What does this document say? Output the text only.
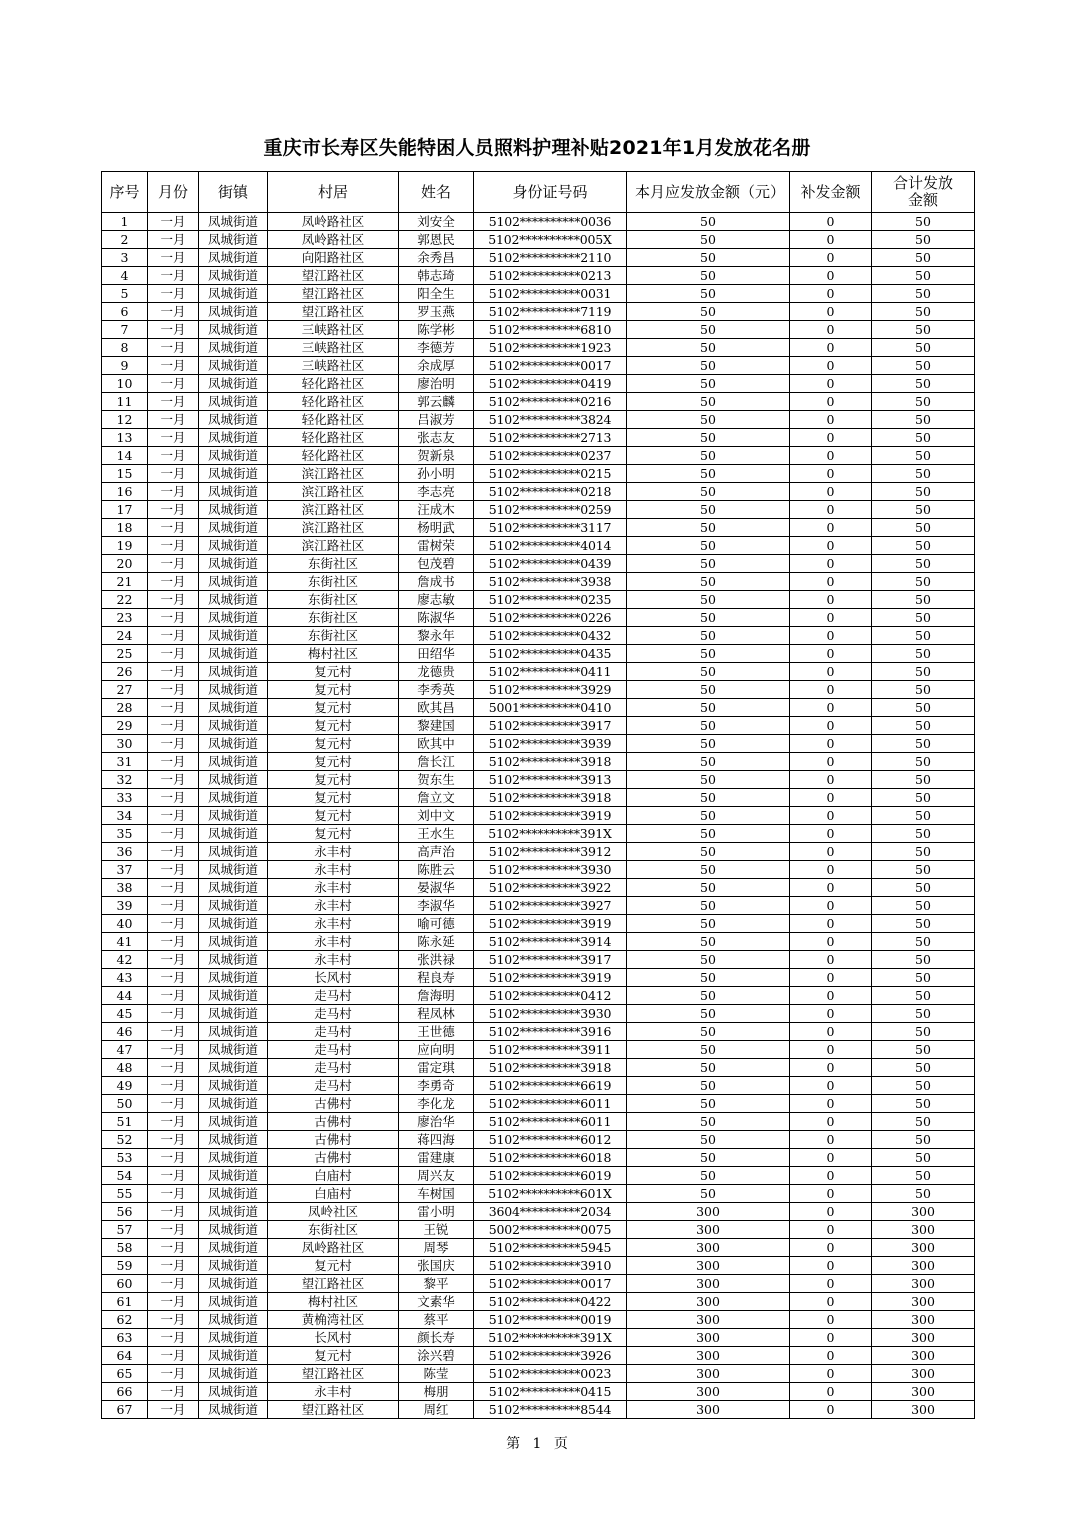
重庆市长寿区失能特困人员照料护理补贴2021年1月发放花名册
序号	月份	街镇	村居	姓名	身份证号码	本月应发放金额（元）	补发金额	合计发放金额
1	一月	凤城街道	凤岭路社区	刘安全	5102**********0036	50	0	50
2	一月	凤城街道	凤岭路社区	郭恩民	5102**********005X	50	0	50
3	一月	凤城街道	向阳路社区	余秀昌	5102**********2110	50	0	50
4	一月	凤城街道	望江路社区	韩志琦	5102**********0213	50	0	50
5	一月	凤城街道	望江路社区	阳全生	5102**********0031	50	0	50
6	一月	凤城街道	望江路社区	罗玉燕	5102**********7119	50	0	50
7	一月	凤城街道	三峡路社区	陈学彬	5102**********6810	50	0	50
8	一月	凤城街道	三峡路社区	李德芳	5102**********1923	50	0	50
9	一月	凤城街道	三峡路社区	余成厚	5102**********0017	50	0	50
10	一月	凤城街道	轻化路社区	廖治明	5102**********0419	50	0	50
11	一月	凤城街道	轻化路社区	郭云麟	5102**********0216	50	0	50
12	一月	凤城街道	轻化路社区	吕淑芳	5102**********3824	50	0	50
13	一月	凤城街道	轻化路社区	张志友	5102**********2713	50	0	50
14	一月	凤城街道	轻化路社区	贺新泉	5102**********0237	50	0	50
15	一月	凤城街道	滨江路社区	孙小明	5102**********0215	50	0	50
16	一月	凤城街道	滨江路社区	李志亮	5102**********0218	50	0	50
17	一月	凤城街道	滨江路社区	汪成木	5102**********0259	50	0	50
18	一月	凤城街道	滨江路社区	杨明武	5102**********3117	50	0	50
19	一月	凤城街道	滨江路社区	雷树荣	5102**********4014	50	0	50
20	一月	凤城街道	东街社区	包茂碧	5102**********0439	50	0	50
21	一月	凤城街道	东街社区	詹成书	5102**********3938	50	0	50
22	一月	凤城街道	东街社区	廖志敏	5102**********0235	50	0	50
23	一月	凤城街道	东街社区	陈淑华	5102**********0226	50	0	50
24	一月	凤城街道	东街社区	黎永年	5102**********0432	50	0	50
25	一月	凤城街道	梅村社区	田绍华	5102**********0435	50	0	50
26	一月	凤城街道	复元村	龙德贵	5102**********0411	50	0	50
27	一月	凤城街道	复元村	李秀英	5102**********3929	50	0	50
28	一月	凤城街道	复元村	欧其昌	5001**********0410	50	0	50
29	一月	凤城街道	复元村	黎建国	5102**********3917	50	0	50
30	一月	凤城街道	复元村	欧其中	5102**********3939	50	0	50
31	一月	凤城街道	复元村	詹长江	5102**********3918	50	0	50
32	一月	凤城街道	复元村	贺东生	5102**********3913	50	0	50
33	一月	凤城街道	复元村	詹立文	5102**********3918	50	0	50
34	一月	凤城街道	复元村	刘中文	5102**********3919	50	0	50
35	一月	凤城街道	复元村	王水生	5102**********391X	50	0	50
36	一月	凤城街道	永丰村	高声治	5102**********3912	50	0	50
37	一月	凤城街道	永丰村	陈胜云	5102**********3930	50	0	50
38	一月	凤城街道	永丰村	晏淑华	5102**********3922	50	0	50
39	一月	凤城街道	永丰村	李淑华	5102**********3927	50	0	50
40	一月	凤城街道	永丰村	喻可德	5102**********3919	50	0	50
41	一月	凤城街道	永丰村	陈永延	5102**********3914	50	0	50
42	一月	凤城街道	永丰村	张洪禄	5102**********3917	50	0	50
43	一月	凤城街道	长风村	程良寿	5102**********3919	50	0	50
44	一月	凤城街道	走马村	詹海明	5102**********0412	50	0	50
45	一月	凤城街道	走马村	程凤林	5102**********3930	50	0	50
46	一月	凤城街道	走马村	王世德	5102**********3916	50	0	50
47	一月	凤城街道	走马村	应向明	5102**********3911	50	0	50
48	一月	凤城街道	走马村	雷定琪	5102**********3918	50	0	50
49	一月	凤城街道	走马村	李勇奇	5102**********6619	50	0	50
50	一月	凤城街道	古佛村	李化龙	5102**********6011	50	0	50
51	一月	凤城街道	古佛村	廖治华	5102**********6011	50	0	50
52	一月	凤城街道	古佛村	蒋四海	5102**********6012	50	0	50
53	一月	凤城街道	古佛村	雷建康	5102**********6018	50	0	50
54	一月	凤城街道	白庙村	周兴友	5102**********6019	50	0	50
55	一月	凤城街道	白庙村	车树国	5102**********601X	50	0	50
56	一月	凤城街道	凤岭社区	雷小明	3604**********2034	300	0	300
57	一月	凤城街道	东街社区	王锐	5002**********0075	300	0	300
58	一月	凤城街道	凤岭路社区	周琴	5102**********5945	300	0	300
59	一月	凤城街道	复元村	张国庆	5102**********3910	300	0	300
60	一月	凤城街道	望江路社区	黎平	5102**********0017	300	0	300
61	一月	凤城街道	梅村社区	文素华	5102**********0422	300	0	300
62	一月	凤城街道	黄桷湾社区	蔡平	5102**********0019	300	0	300
63	一月	凤城街道	长风村	颜长寿	5102**********391X	300	0	300
64	一月	凤城街道	复元村	涂兴碧	5102**********3926	300	0	300
65	一月	凤城街道	望江路社区	陈莹	5102**********0023	300	0	300
66	一月	凤城街道	永丰村	梅朋	5102**********0415	300	0	300
67	一月	凤城街道	望江路社区	周红	5102**********8544	300	0	300
第 1 页
